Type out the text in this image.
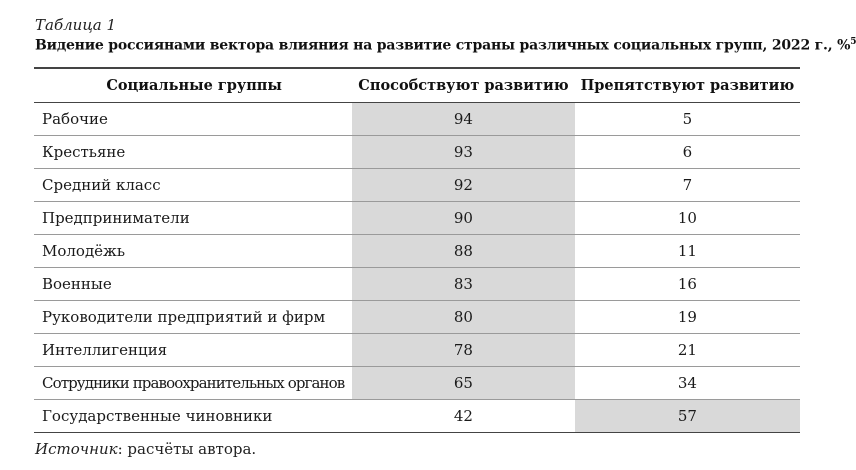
Таблица 1
Видение россиянами вектора влияния на развитие страны различных социальных групп, 2022 г., %$^5$
Социальные группы	Способствуют развитию	Препятствуют развитию
Рабочие	94	5
Крестьяне	93	6
Средний класс	92	7
Предприниматели	90	10
Молодёжь	88	11
Военные	83	16
Руководители предприятий и фирм	80	19
Интеллигенция	78	21
Сотрудники правоохранительных органов	65	34
Государственные чиновники	42	57
Источник: расчёты автора.
